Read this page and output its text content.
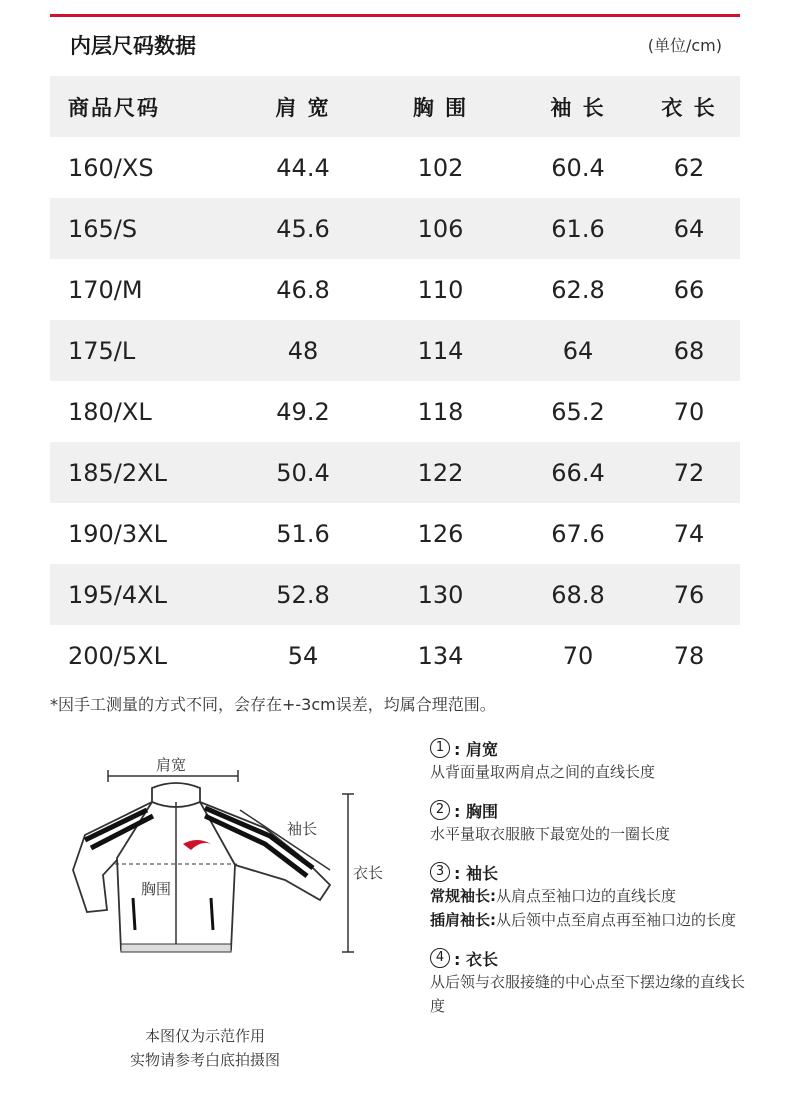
内层尺码数据	(单位/cm)
商品尺码	肩 宽	胸 围	袖 长	衣 长
160/XS	44.4	102	60.4	62
165/S	45.6	106	61.6	64
170/M	46.8	110	62.8	66
175/L	48	114	64	68
180/XL	49.2	118	65.2	70
185/2XL	50.4	122	66.4	72
190/3XL	51.6	126	67.6	74
195/4XL	52.8	130	68.8	76
200/5XL	54	134	70	78
*因手工测量的方式不同，会存在+-3cm误差，均属合理范围。
肩宽
胸围
袖长
衣长
本图仅为示范作用
实物请参考白底拍摄图
1 : 肩宽
从背面量取两肩点之间的直线长度
2 : 胸围
水平量取衣服腋下最宽处的一圈长度
3 : 袖长
常规袖长: 从肩点至袖口边的直线长度
插肩袖长: 从后领中点至肩点再至袖口边的长度
4 : 衣长
从后领与衣服接缝的中心点至下摆边缘的直线长度
